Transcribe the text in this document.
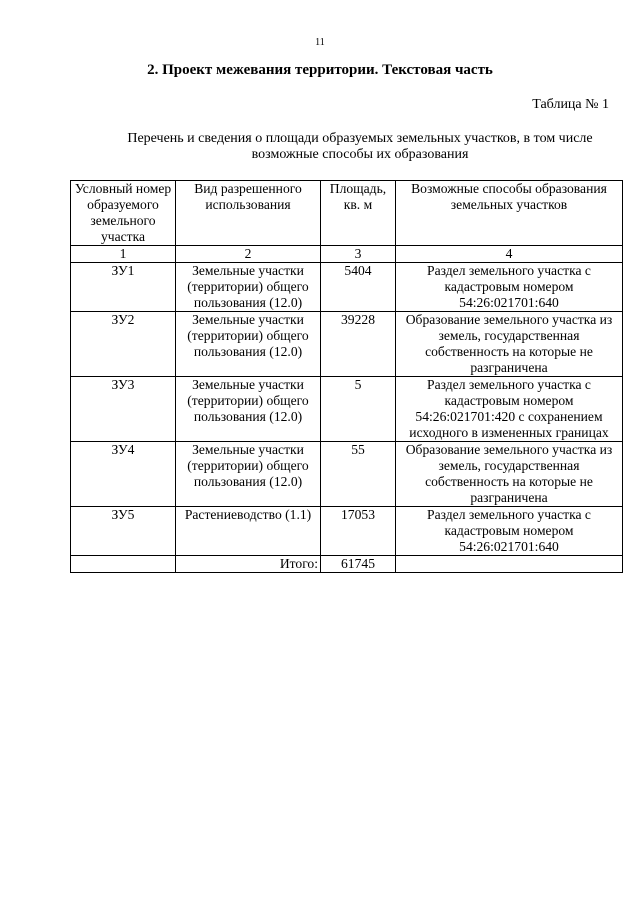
11
2. Проект межевания территории. Текстовая часть
Таблица № 1
Перечень и сведения о площади образуемых земельных участков, в том числе возможные способы их образования
Условный номер образуемого земельного участка	Вид разрешенного использования	Площадь, кв. м	Возможные способы образования земельных участков
1	2	3	4
ЗУ1	Земельные участки (территории) общего пользования (12.0)	5404	Раздел земельного участка с кадастровым номером 54:26:021701:640
ЗУ2	Земельные участки (территории) общего пользования (12.0)	39228	Образование земельного участка из земель, государственная собственность на которые не разграничена
ЗУ3	Земельные участки (территории) общего пользования (12.0)	5	Раздел земельного участка с кадастровым номером 54:26:021701:420 с сохранением исходного в измененных границах
ЗУ4	Земельные участки (территории) общего пользования (12.0)	55	Образование земельного участка из земель, государственная собственность на которые не разграничена
ЗУ5	Растениеводство (1.1)	17053	Раздел земельного участка с кадастровым номером 54:26:021701:640
	Итого:	61745	
